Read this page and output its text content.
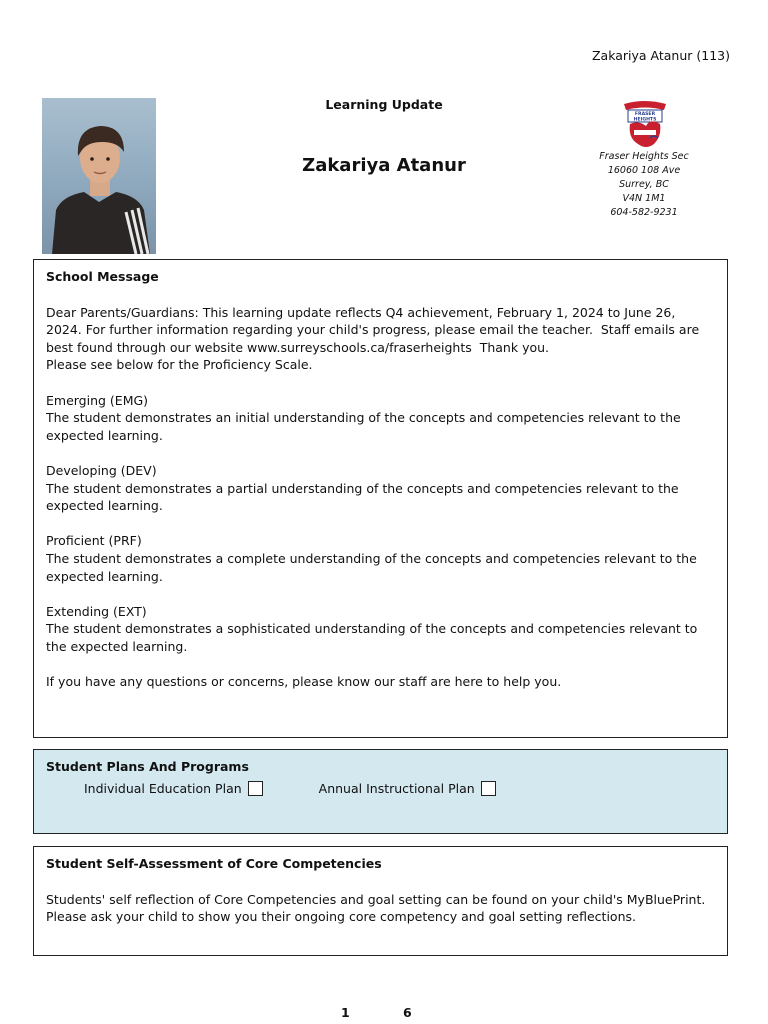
Zakariya Atanur (113)
Learning Update
Zakariya Atanur
FRASER
HEIGHTS
Fraser Heights Sec
16060 108 Ave
Surrey, BC
V4N 1M1
604-582-9231

School Message

Dear Parents/Guardians: This learning update reflects Q4 achievement, February 1, 2024 to June 26, 2024. For further information regarding your child's progress, please email the teacher.  Staff emails are best found through our website www.surreyschools.ca/fraserheights  Thank you.
Please see below for the Proficiency Scale.

Emerging (EMG)
The student demonstrates an initial understanding of the concepts and competencies relevant to the expected learning.

Developing (DEV)
The student demonstrates a partial understanding of the concepts and competencies relevant to the expected learning.

Proficient (PRF)
The student demonstrates a complete understanding of the concepts and competencies relevant to the expected learning.

Extending (EXT)
The student demonstrates a sophisticated understanding of the concepts and competencies relevant to the expected learning.

If you have any questions or concerns, please know our staff are here to help you.

Student Plans And Programs

Individual Education Plan	Annual Instructional Plan

Student Self-Assessment of Core Competencies

Students' self reflection of Core Competencies and goal setting can be found on your child's MyBluePrint. Please ask your child to show you their ongoing core competency and goal setting reflections.

1	6
